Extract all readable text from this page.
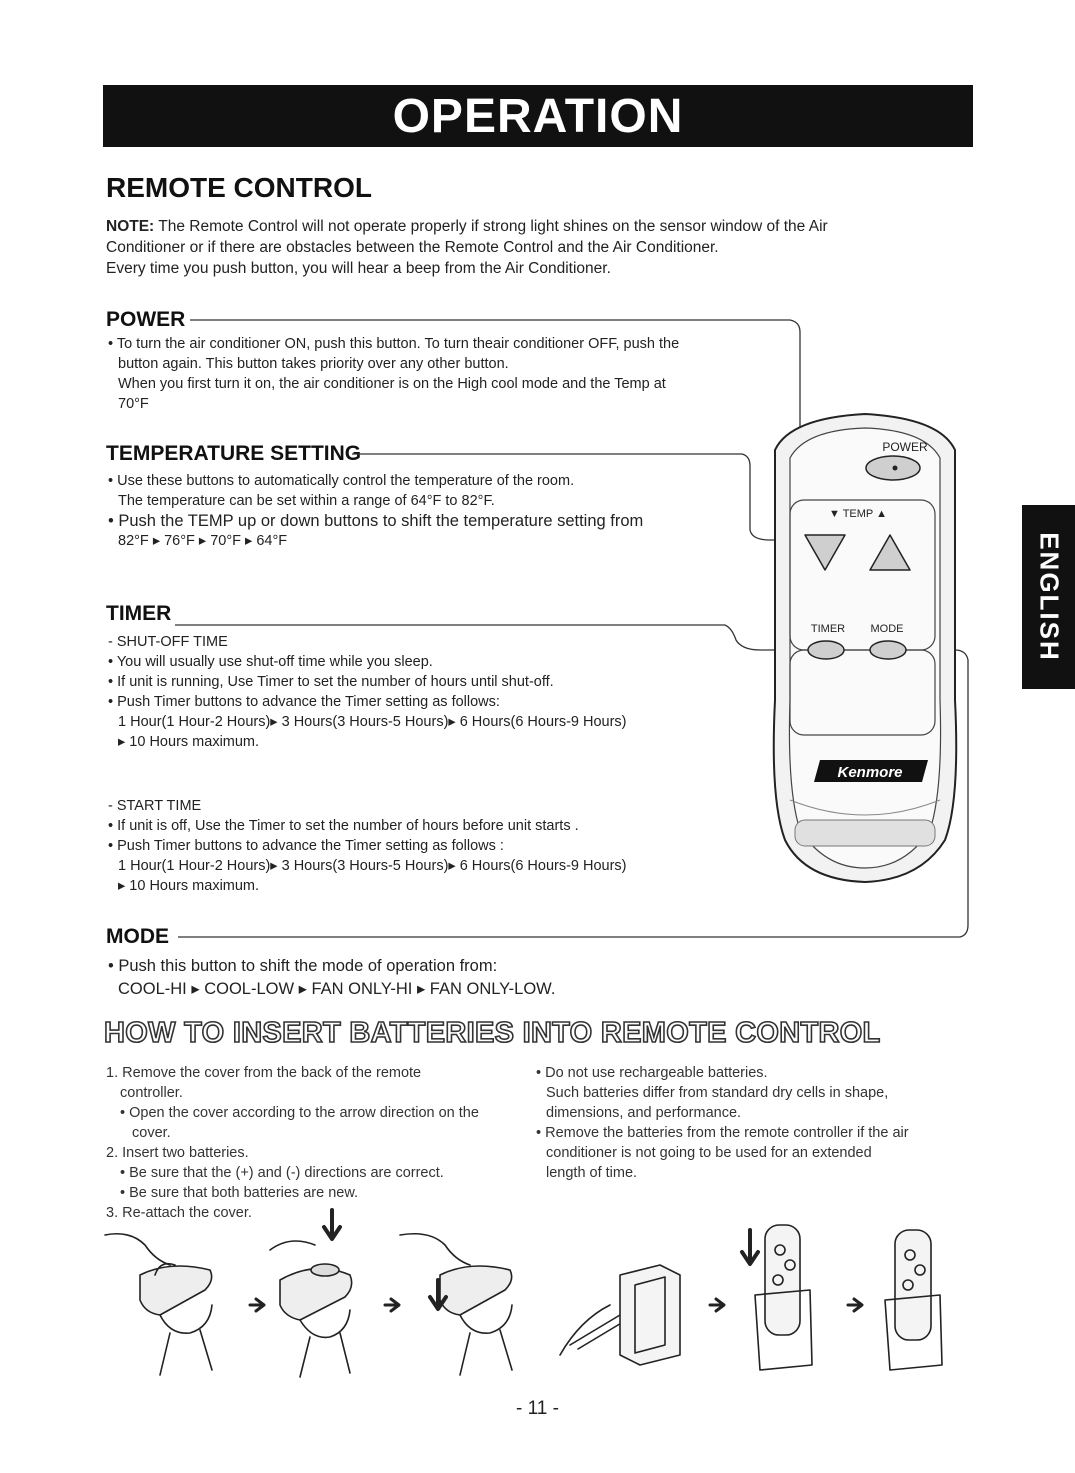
OPERATION
ENGLISH
REMOTE CONTROL
NOTE: The Remote Control will not operate properly if strong light shines on the sensor window of the Air
Conditioner or if there are obstacles between the Remote Control and the Air Conditioner.
Every time you push button, you will hear a beep from the Air Conditioner.
POWER
• To turn the air conditioner ON, push this button. To turn theair conditioner OFF, push the
button again. This button takes priority over any other button.
When you first turn it on, the air conditioner is on the High cool mode and the Temp at
70°F
TEMPERATURE SETTING
• Use these buttons to automatically control the temperature of the room.
The temperature can be set within a range of 64°F to 82°F.
• Push the TEMP up or down buttons to shift the temperature setting from
82°F ▸ 76°F ▸ 70°F ▸ 64°F
TIMER
- SHUT-OFF TIME
• You will usually use shut-off time while you sleep.
• If unit is running, Use Timer to set the number of hours until shut-off.
• Push Timer buttons to advance the Timer setting as follows:
1 Hour(1 Hour-2 Hours)▸ 3 Hours(3 Hours-5 Hours)▸ 6 Hours(6 Hours-9 Hours)
▸ 10 Hours maximum.
- START TIME
• If unit is off, Use the Timer to set the number of hours before unit starts .
• Push Timer buttons to advance the Timer setting as follows :
1 Hour(1 Hour-2 Hours)▸ 3 Hours(3 Hours-5 Hours)▸ 6 Hours(6 Hours-9 Hours)
▸ 10 Hours maximum.
MODE
• Push this button to shift the mode of operation from:
COOL-HI ▸ COOL-LOW ▸ FAN ONLY-HI ▸ FAN ONLY-LOW.
POWER
▼ TEMP ▲
TIMER MODE
Kenmore
HOW TO INSERT BATTERIES INTO REMOTE CONTROL
1. Remove the cover from the back of the remote
controller.
• Open the cover according to the arrow direction on the
cover.
2. Insert two batteries.
• Be sure that the (+) and (-) directions are correct.
• Be sure that both batteries are new.
3. Re-attach the cover.
• Do not use rechargeable batteries.
Such batteries differ from standard dry cells in shape,
dimensions, and performance.
• Remove the batteries from the remote controller if the air
conditioner is not going to be used for an extended
length of time.
- 11 -
